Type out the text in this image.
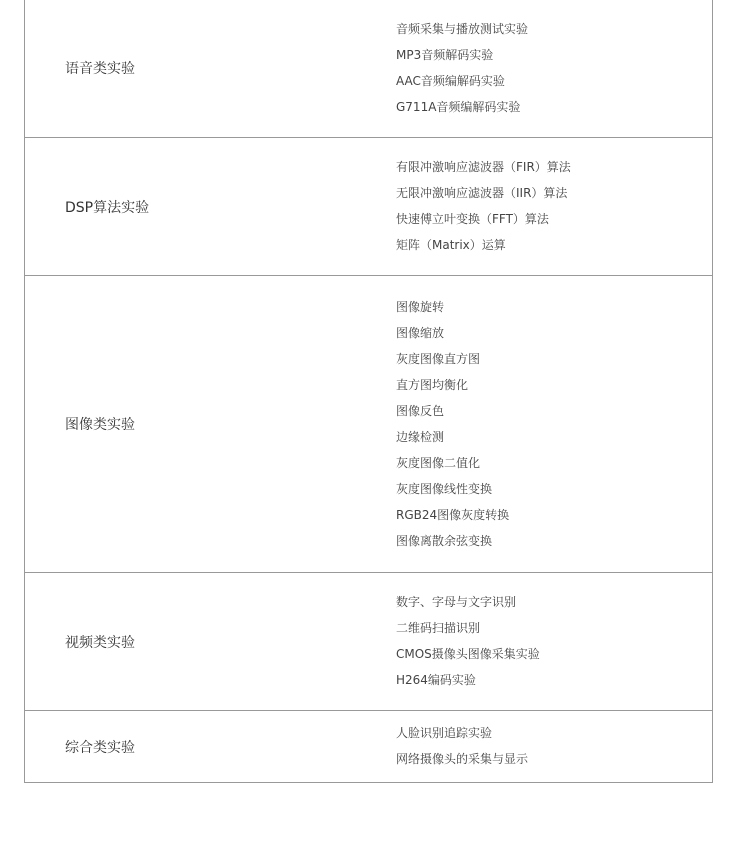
语音类实验
音频采集与播放测试实验
MP3音频解码实验
AAC音频编解码实验
G711A音频编解码实验
DSP算法实验
有限冲激响应滤波器（FIR）算法
无限冲激响应滤波器（IIR）算法
快速傅立叶变换（FFT）算法
矩阵（Matrix）运算
图像类实验
图像旋转
图像缩放
灰度图像直方图
直方图均衡化
图像反色
边缘检测
灰度图像二值化
灰度图像线性变换
RGB24图像灰度转换
图像离散余弦变换
视频类实验
数字、字母与文字识别
二维码扫描识别
CMOS摄像头图像采集实验
H264编码实验
综合类实验
人脸识别追踪实验
网络摄像头的采集与显示
